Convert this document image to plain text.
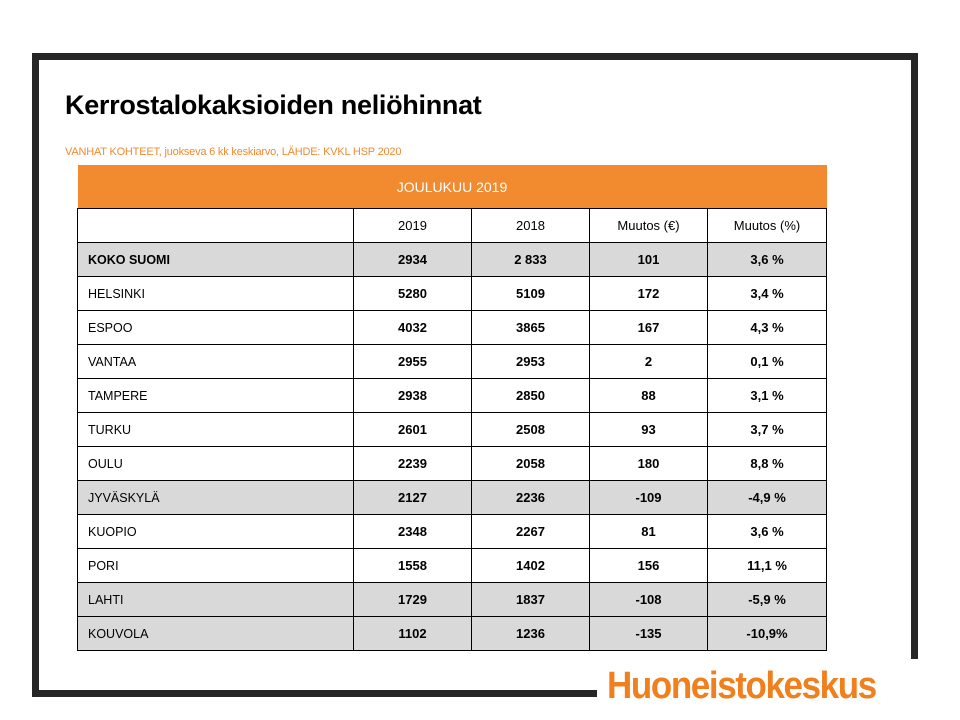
Kerrostalokaksioiden neliöhinnat

VANHAT KOHTEET, juokseva 6 kk keskiarvo, LÄHDE: KVKL HSP 2020

JOULUKUU 2019				
	2019	2018	Muutos (€)	Muutos (%)
KOKO SUOMI	2934	2 833	101	3,6 %
HELSINKI	5280	5109	172	3,4 %
ESPOO	4032	3865	167	4,3 %
VANTAA	2955	2953	2	0,1 %
TAMPERE	2938	2850	88	3,1 %
TURKU	2601	2508	93	3,7 %
OULU	2239	2058	180	8,8 %
JYVÄSKYLÄ	2127	2236	-109	-4,9 %
KUOPIO	2348	2267	81	3,6 %
PORI	1558	1402	156	11,1 %
LAHTI	1729	1837	-108	-5,9 %
KOUVOLA	1102	1236	-135	-10,9%
Huoneistokeskus
